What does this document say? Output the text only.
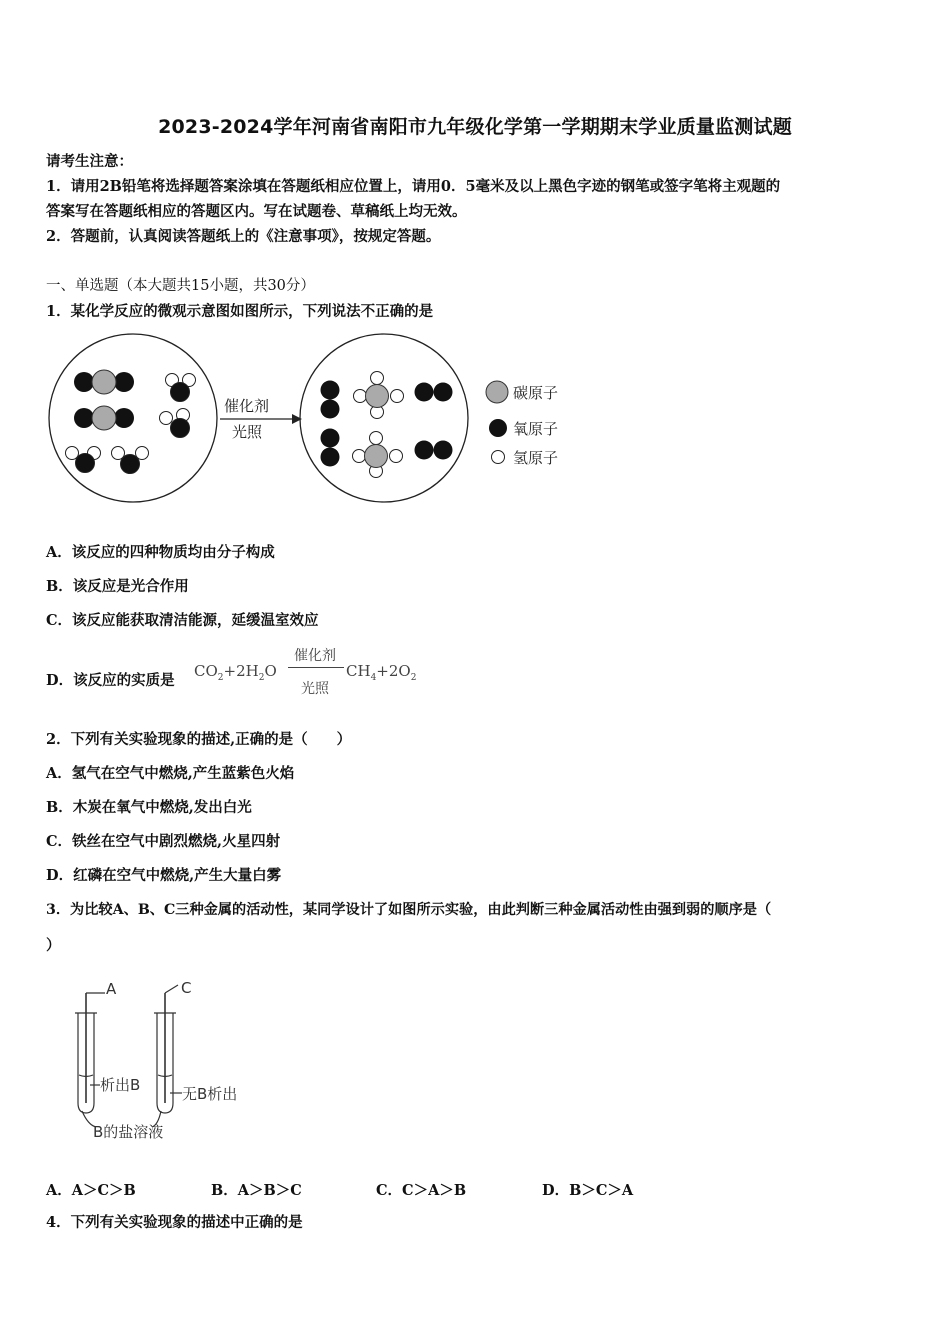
2023-2024学年河南省南阳市九年级化学第一学期期末学业质量监测试题
请考生注意：
1．请用2B铅笔将选择题答案涂填在答题纸相应位置上，请用0．5毫米及以上黑色字迹的钢笔或签字笔将主观题的
答案写在答题纸相应的答题区内。写在试题卷、草稿纸上均无效。
2．答题前，认真阅读答题纸上的《注意事项》，按规定答题。
一、单选题（本大题共15小题，共30分）
1．某化学反应的微观示意图如图所示，下列说法不正确的是
催化剂
光照
碳原子
氧原子
氢原子
A．该反应的四种物质均由分子构成
B．该反应是光合作用
C．该反应能获取清洁能源，延缓温室效应
D．该反应的实质是
$CO_2+2H_2O$
催化剂
光照
$CH_4+2O_2$
2．下列有关实验现象的描述,正确的是（　　）
A．氢气在空气中燃烧,产生蓝紫色火焰
B．木炭在氧气中燃烧,发出白光
C．铁丝在空气中剧烈燃烧,火星四射
D．红磷在空气中燃烧,产生大量白雾
3．为比较A、B、C三种金属的活动性，某同学设计了如图所示实验，由此判断三种金属活动性由强到弱的顺序是（
）
A	C
析出B	无B析出
B的盐溶液
A．A＞C＞B	B．A＞B＞C	C．C＞A＞B	D．B＞C＞A
4．下列有关实验现象的描述中正确的是
